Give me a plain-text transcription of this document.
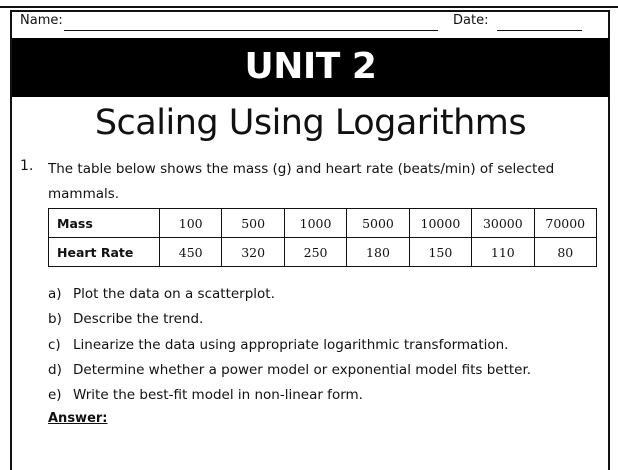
Name:	Date:
UNIT 2
Scaling Using Logarithms
1. The table below shows the mass (g) and heart rate (beats/min) of selected mammals.
Mass	100	500	1000	5000	10000	30000	70000
Heart Rate	450	320	250	180	150	110	80
a) Plot the data on a scatterplot.
b) Describe the trend.
c) Linearize the data using appropriate logarithmic transformation.
d) Determine whether a power model or exponential model fits better.
e) Write the best-fit model in non-linear form.
Answer:
